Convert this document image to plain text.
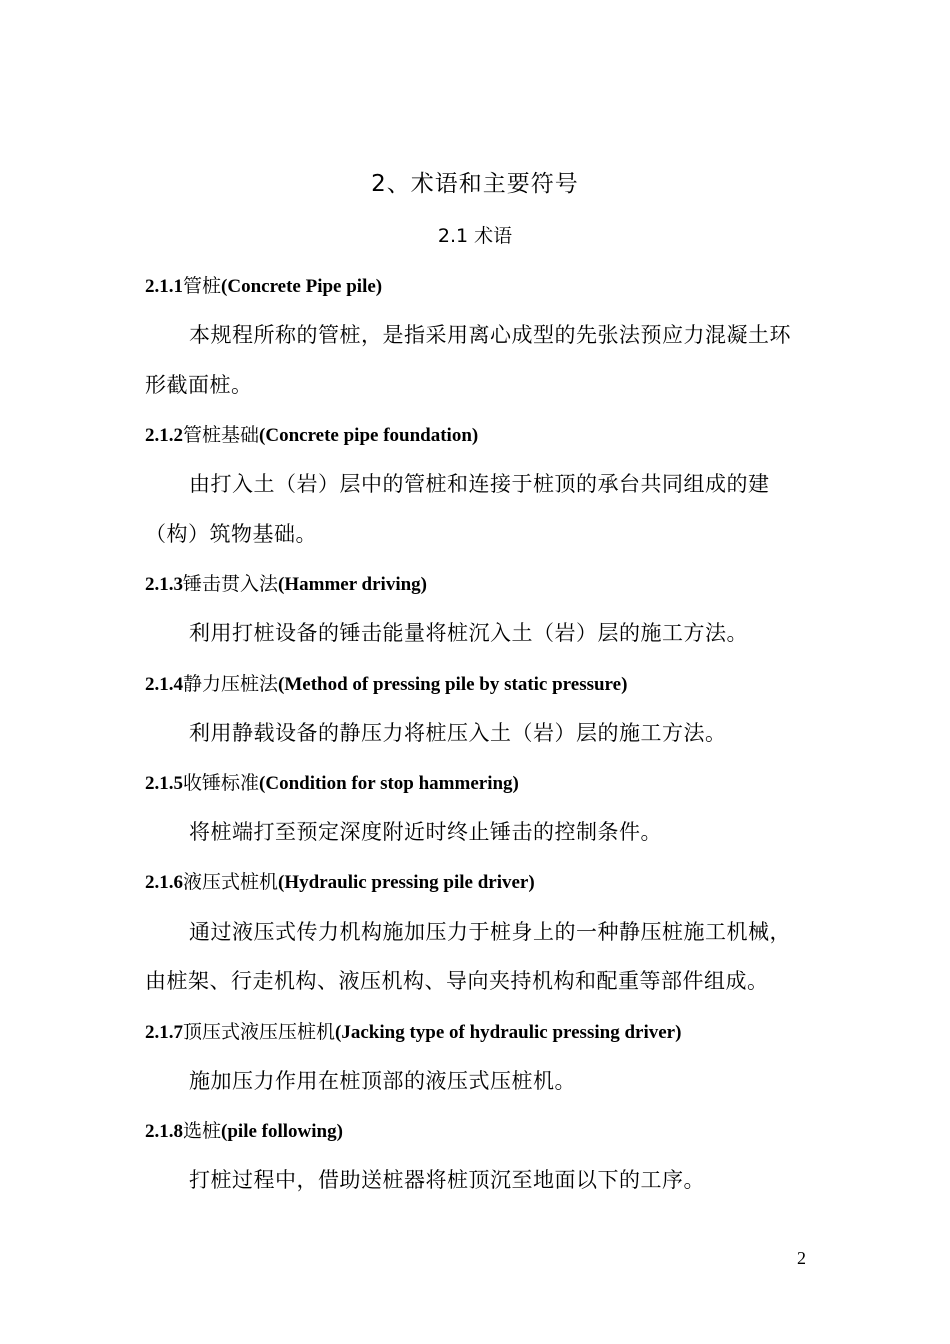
2、术语和主要符号
2.1 术语
2.1.1管桩(Concrete Pipe pile)
本规程所称的管桩，是指采用离心成型的先张法预应力混凝土环
形截面桩。
2.1.2管桩基础(Concrete pipe foundation)
由打入土（岩）层中的管桩和连接于桩顶的承台共同组成的建
（构）筑物基础。
2.1.3锤击贯入法(Hammer driving)
利用打桩设备的锤击能量将桩沉入土（岩）层的施工方法。
2.1.4静力压桩法(Method of pressing pile by static pressure)
利用静载设备的静压力将桩压入土（岩）层的施工方法。
2.1.5收锤标准(Condition for stop hammering)
将桩端打至预定深度附近时终止锤击的控制条件。
2.1.6液压式桩机(Hydraulic pressing pile driver)
通过液压式传力机构施加压力于桩身上的一种静压桩施工机械，
由桩架、行走机构、液压机构、导向夹持机构和配重等部件组成。
2.1.7顶压式液压压桩机(Jacking type of hydraulic pressing driver)
施加压力作用在桩顶部的液压式压桩机。
2.1.8选桩(pile following)
打桩过程中，借助送桩器将桩顶沉至地面以下的工序。
2
